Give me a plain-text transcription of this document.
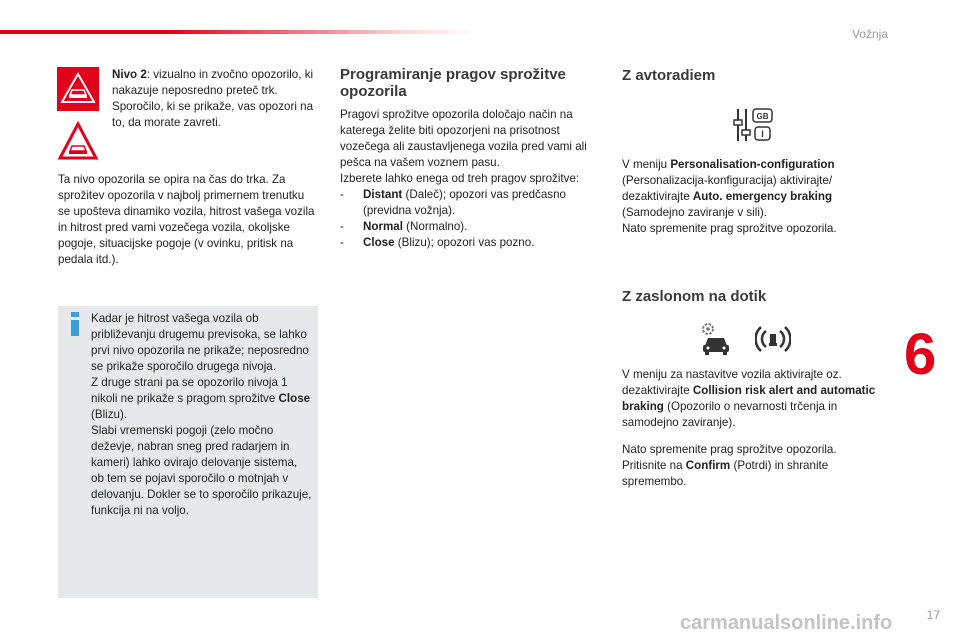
Vožnja

Nivo 2: vizualno in zvočno opozorilo, ki nakazuje neposredno preteč trk. Sporočilo, ki se prikaže, vas opozori na to, da morate zavreti.

Ta nivo opozorila se opira na čas do trka. Za sprožitev opozorila v najbolj primernem trenutku se upošteva dinamiko vozila, hitrost vašega vozila in hitrost pred vami vozečega vozila, okoljske pogoje, situacijske pogoje (v ovinku, pritisk na pedala itd.).

Kadar je hitrost vašega vozila ob približevanju drugemu previsoka, se lahko prvi nivo opozorila ne prikaže; neposredno se prikaže sporočilo drugega nivoja.

Z druge strani pa se opozorilo nivoja 1 nikoli ne prikaže s pragom sprožitve Close (Blizu).

Slabi vremenski pogoji (zelo močno deževje, nabran sneg pred radarjem in kameri) lahko ovirajo delovanje sistema, ob tem se pojavi sporočilo o motnjah v delovanju. Dokler se to sporočilo prikazuje, funkcija ni na voljo.

Programiranje pragov sprožitve opozorila

Pragovi sprožitve opozorila določajo način na katerega želite biti opozorjeni na prisotnost vozečega ali zaustavljenega vozila pred vami ali pešca na vašem voznem pasu.

Izberete lahko enega od treh pragov sprožitve:

- Distant (Daleč); opozori vas predčasno (previdna vožnja).
- Normal (Normalno).
- Close (Blizu); opozori vas pozno.
Z avtoradiem
GB
I

V meniju Personalisation-configuration (Personalizacija-konfiguracija) aktivirajte/ dezaktivirajte Auto. emergency braking (Samodejno zaviranje v sili).
Nato spremenite prag sprožitve opozorila.

Z zaslonom na dotik

V meniju za nastavitve vozila aktivirajte oz. dezaktivirajte Collision risk alert and automatic braking (Opozorilo o nevarnosti trčenja in samodejno zaviranje).

Nato spremenite prag sprožitve opozorila.
Pritisnite na Confirm (Potrdi) in shranite spremembo.

6
carmanualsonline.info	17
